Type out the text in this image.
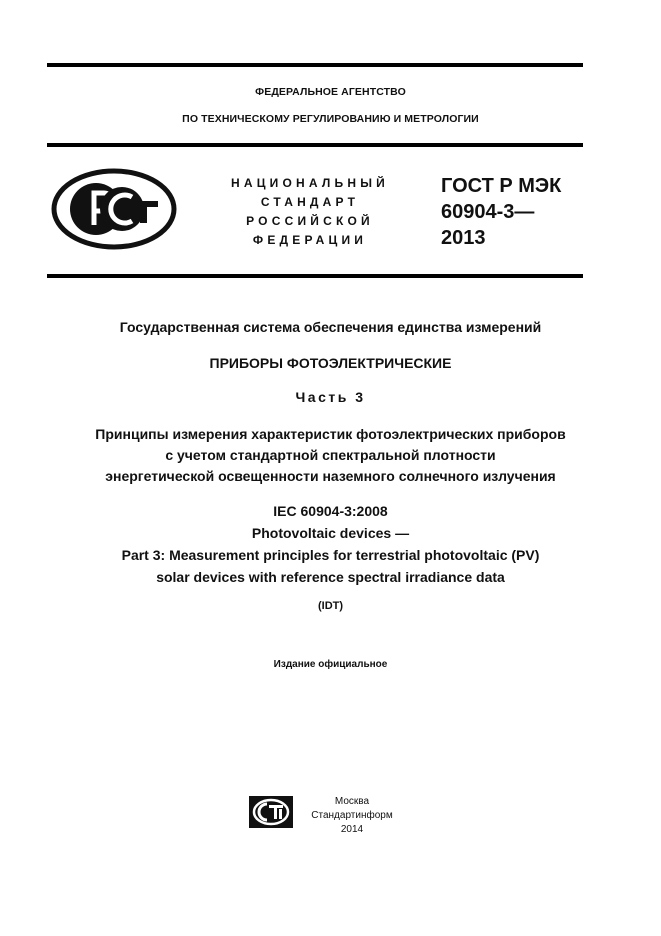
ФЕДЕРАЛЬНОЕ АГЕНТСТВО
ПО ТЕХНИЧЕСКОМУ РЕГУЛИРОВАНИЮ И МЕТРОЛОГИИ
НАЦИОНАЛЬНЫЙ
СТАНДАРТ
РОССИЙСКОЙ
ФЕДЕРАЦИИ
ГОСТ Р МЭК
60904-3—
2013
Государственная система обеспечения единства измерений
ПРИБОРЫ ФОТОЭЛЕКТРИЧЕСКИЕ
Часть 3
Принципы измерения характеристик фотоэлектрических приборов
с учетом стандартной спектральной плотности
энергетической освещенности наземного солнечного излучения
IEC 60904-3:2008
Photovoltaic devices —
Part 3: Measurement principles for terrestrial photovoltaic (PV)
solar devices with reference spectral irradiance data
(IDT)
Издание официальное
Москва
Стандартинформ
2014
